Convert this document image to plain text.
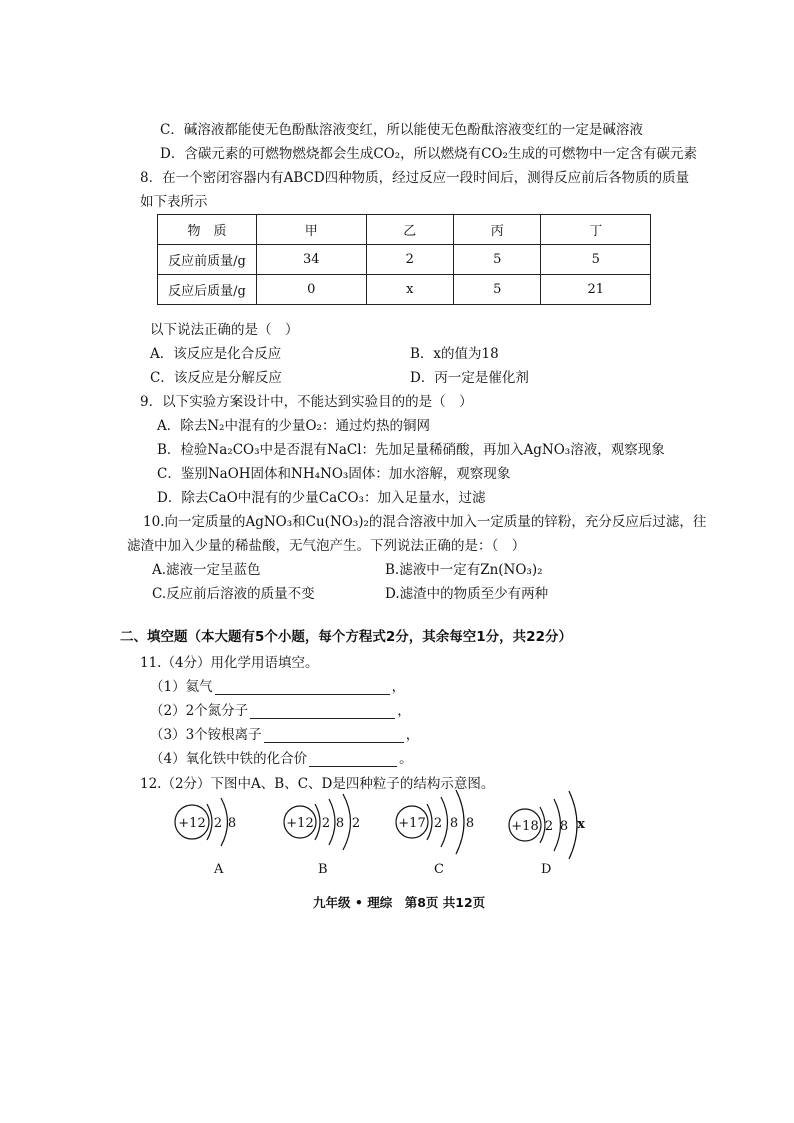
C．碱溶液都能使无色酚酞溶液变红，所以能使无色酚酞溶液变红的一定是碱溶液
D．含碳元素的可燃物燃烧都会生成CO₂，所以燃烧有CO₂生成的可燃物中一定含有碳元素
8．在一个密闭容器内有ABCD四种物质，经过反应一段时间后，测得反应前后各物质的质量
如下表所示
物　质	甲	乙	丙	丁
反应前质量/g	34	2	5	5
反应后质量/g	0	x	5	21
以下说法正确的是（　）
A．该反应是化合反应	B．x的值为18
C．该反应是分解反应	D．丙一定是催化剂
9．以下实验方案设计中，不能达到实验目的的是（　）
A．除去N₂中混有的少量O₂：通过灼热的铜网
B．检验Na₂CO₃中是否混有NaCl：先加足量稀硝酸，再加入AgNO₃溶液，观察现象
C．鉴别NaOH固体和NH₄NO₃固体：加水溶解，观察现象
D．除去CaO中混有的少量CaCO₃：加入足量水，过滤
10.向一定质量的AgNO₃和Cu(NO₃)₂的混合溶液中加入一定质量的锌粉，充分反应后过滤，往
滤渣中加入少量的稀盐酸，无气泡产生。下列说法正确的是：（　）
A.滤液一定呈蓝色	B.滤液中一定有Zn(NO₃)₂
C.反应前后溶液的质量不变	D.滤渣中的物质至少有两种
二、填空题（本大题有5个小题，每个方程式2分，其余每空1分，共22分）
11.（4分）用化学用语填空。
（1）氦气	，
（2）2个氮分子	，
（3）3个铵根离子	，
（4）氧化铁中铁的化合价	。
12.（2分）下图中A、B、C、D是四种粒子的结构示意图。
+12 2 8
A
+12 2 8 2
B
+17 2 8 8
C
+18 2 8 x
D
九年级 • 理综　第8页 共12页
